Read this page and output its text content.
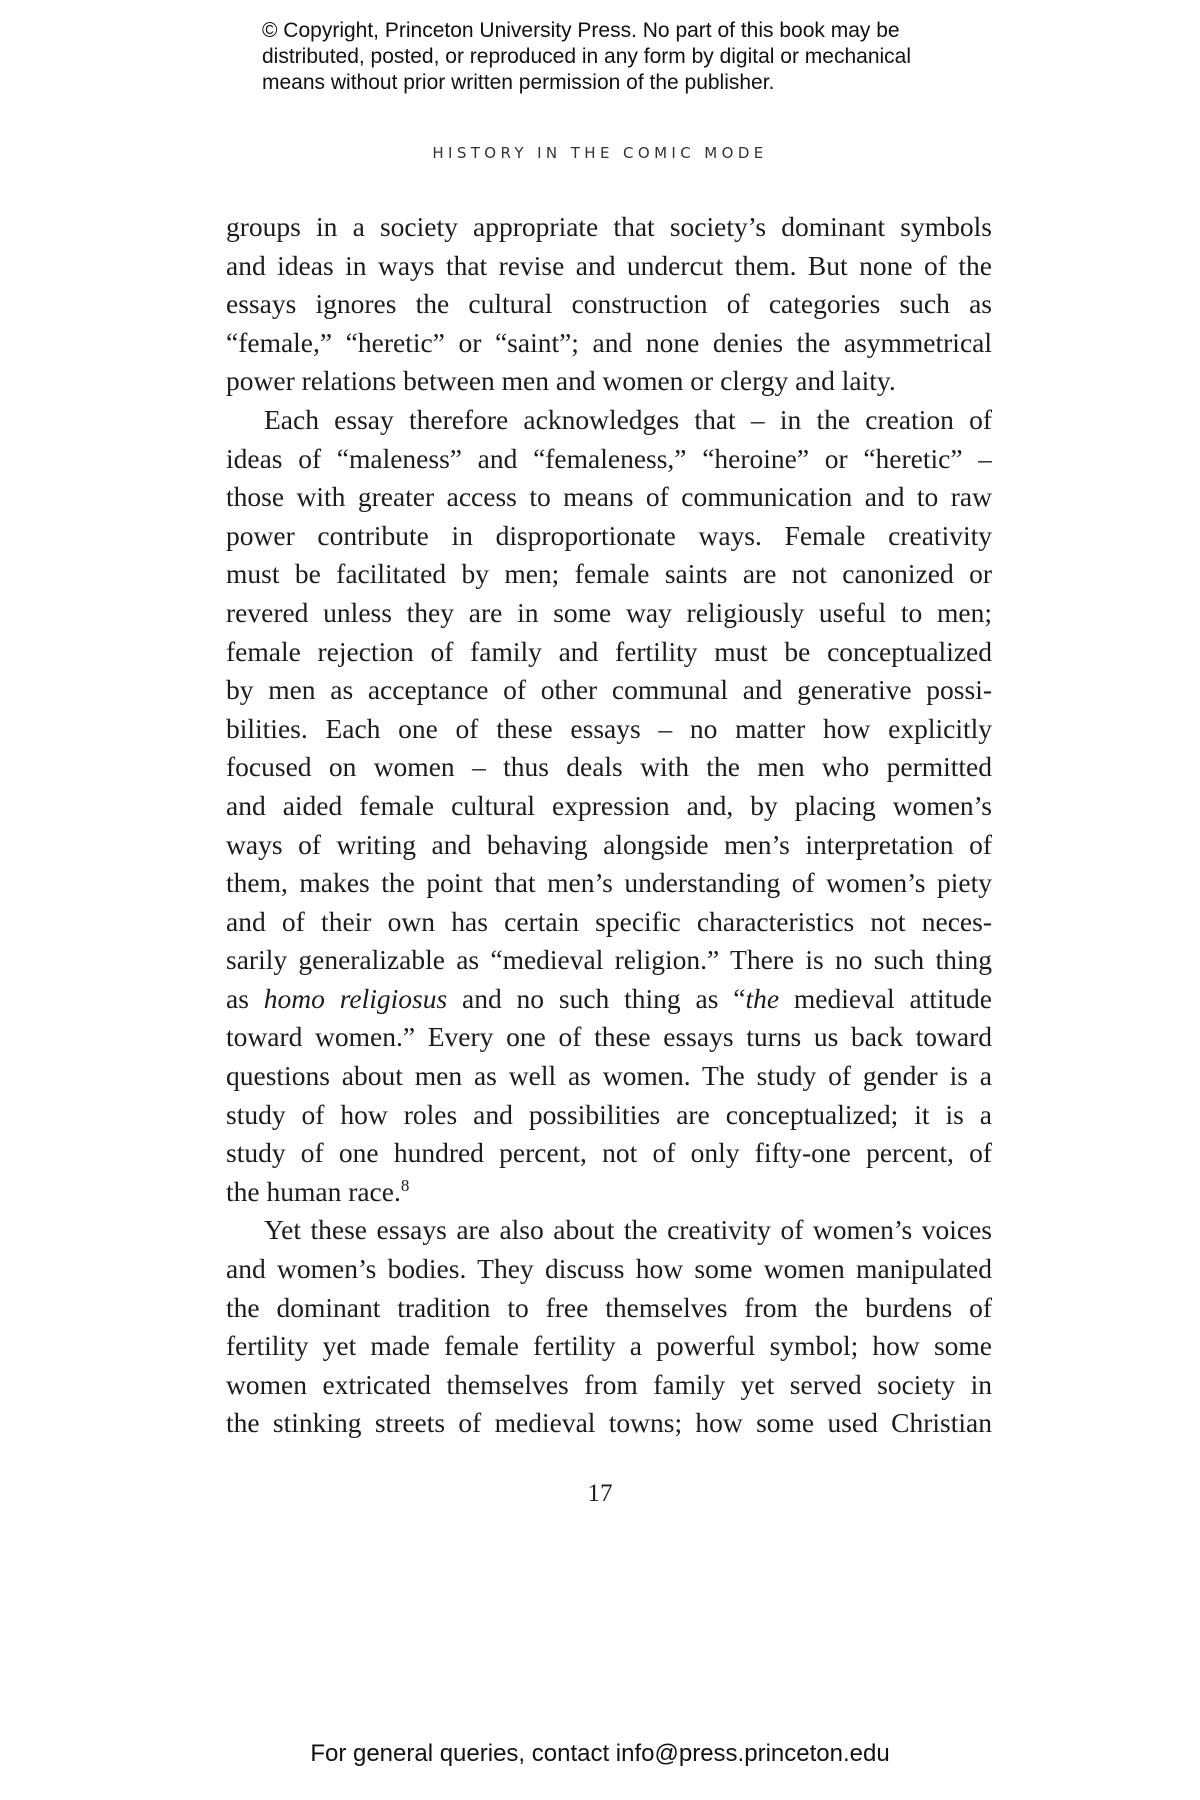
© Copyright, Princeton University Press. No part of this book may be
distributed, posted, or reproduced in any form by digital or mechanical
means without prior written permission of the publisher.
HISTORY IN THE COMIC MODE
groups in a society appropriate that society’s dominant symbols
and ideas in ways that revise and undercut them. But none of the
essays ignores the cultural construction of categories such as
“female,” “heretic” or “saint”; and none denies the asymmetrical
power relations between men and women or clergy and laity.
Each essay therefore acknowledges that – in the creation of
ideas of “maleness” and “femaleness,” “heroine” or “heretic” –
those with greater access to means of communication and to raw
power contribute in disproportionate ways. Female creativity
must be facilitated by men; female saints are not canonized or
revered unless they are in some way religiously useful to men;
female rejection of family and fertility must be conceptualized
by men as acceptance of other communal and generative possi-
bilities. Each one of these essays – no matter how explicitly
focused on women – thus deals with the men who permitted
and aided female cultural expression and, by placing women’s
ways of writing and behaving alongside men’s interpretation of
them, makes the point that men’s understanding of women’s piety
and of their own has certain specific characteristics not neces-
sarily generalizable as “medieval religion.” There is no such thing
as homo religiosus and no such thing as “the medieval attitude
toward women.” Every one of these essays turns us back toward
questions about men as well as women. The study of gender is a
study of how roles and possibilities are conceptualized; it is a
study of one hundred percent, not of only fifty-one percent, of
the human race.$^8$
Yet these essays are also about the creativity of women’s voices
and women’s bodies. They discuss how some women manipulated
the dominant tradition to free themselves from the burdens of
fertility yet made female fertility a powerful symbol; how some
women extricated themselves from family yet served society in
the stinking streets of medieval towns; how some used Christian
17
For general queries, contact info@press.princeton.edu
